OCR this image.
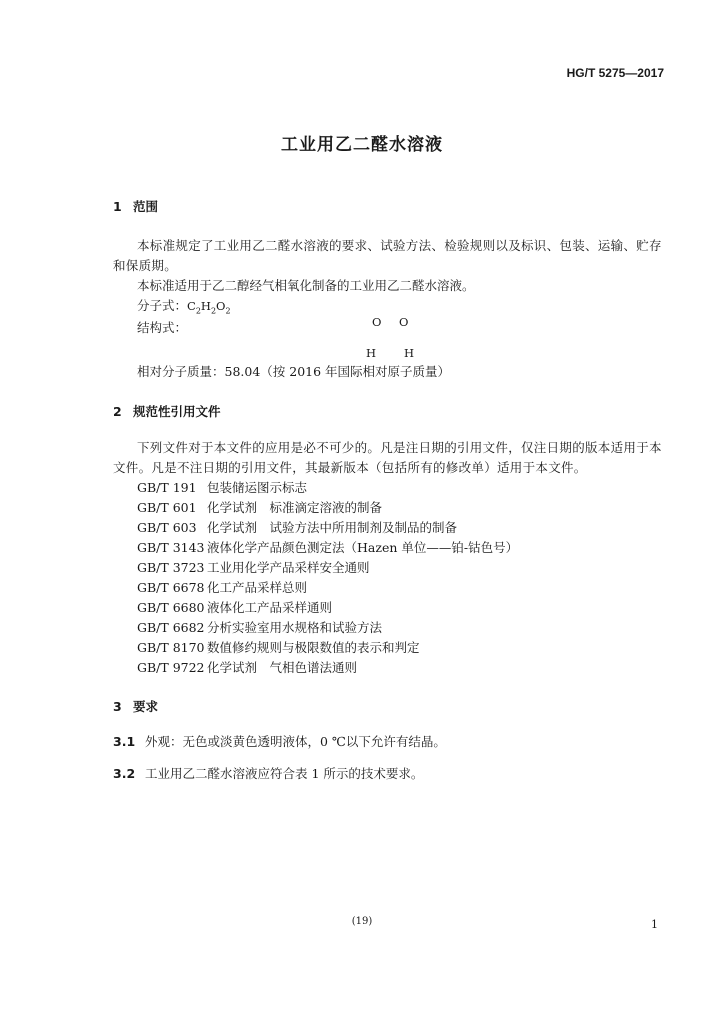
HG/T 5275—2017
工业用乙二醛水溶液
1 范围
本标准规定了工业用乙二醛水溶液的要求、试验方法、检验规则以及标识、包装、运输、贮存和保质期。
本标准适用于乙二醇经气相氧化制备的工业用乙二醛水溶液。
分子式：$C_2H_2O_2$
结构式：	O O
H H
相对分子质量：58.04（按 2016 年国际相对原子质量）
2 规范性引用文件
下列文件对于本文件的应用是必不可少的。凡是注日期的引用文件，仅注日期的版本适用于本文件。凡是不注日期的引用文件，其最新版本（包括所有的修改单）适用于本文件。
GB/T 191 包装储运图示标志
GB/T 601 化学试剂　标准滴定溶液的制备
GB/T 603 化学试剂　试验方法中所用制剂及制品的制备
GB/T 3143 液体化学产品颜色测定法（Hazen 单位——铂-钴色号）
GB/T 3723 工业用化学产品采样安全通则
GB/T 6678 化工产品采样总则
GB/T 6680 液体化工产品采样通则
GB/T 6682 分析实验室用水规格和试验方法
GB/T 8170 数值修约规则与极限数值的表示和判定
GB/T 9722 化学试剂　气相色谱法通则
3 要求
3.1 外观：无色或淡黄色透明液体，0 ℃以下允许有结晶。
3.2 工业用乙二醛水溶液应符合表 1 所示的技术要求。
(19)	1
